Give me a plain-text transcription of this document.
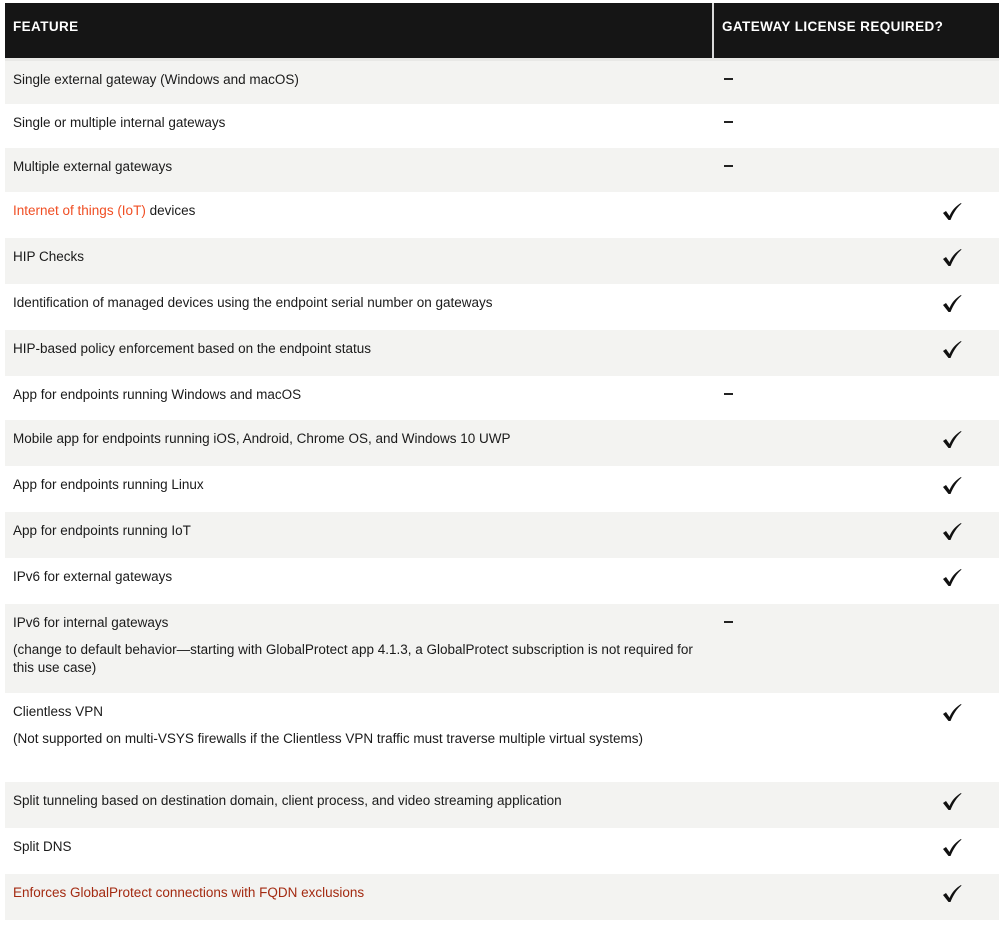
FEATURE	GATEWAY LICENSE REQUIRED?

Single external gateway (Windows and macOS)

Single or multiple internal gateways

Multiple external gateways

Internet of things (IoT) devices

HIP Checks

Identification of managed devices using the endpoint serial number on gateways

HIP-based policy enforcement based on the endpoint status

App for endpoints running Windows and macOS

Mobile app for endpoints running iOS, Android, Chrome OS, and Windows 10 UWP

App for endpoints running Linux

App for endpoints running IoT

IPv6 for external gateways

IPv6 for internal gateways

(change to default behavior—starting with GlobalProtect app 4.1.3, a GlobalProtect subscription is not required for this use case)

Clientless VPN

(Not supported on multi-VSYS firewalls if the Clientless VPN traffic must traverse multiple virtual systems)

Split tunneling based on destination domain, client process, and video streaming application

Split DNS

Enforces GlobalProtect connections with FQDN exclusions
